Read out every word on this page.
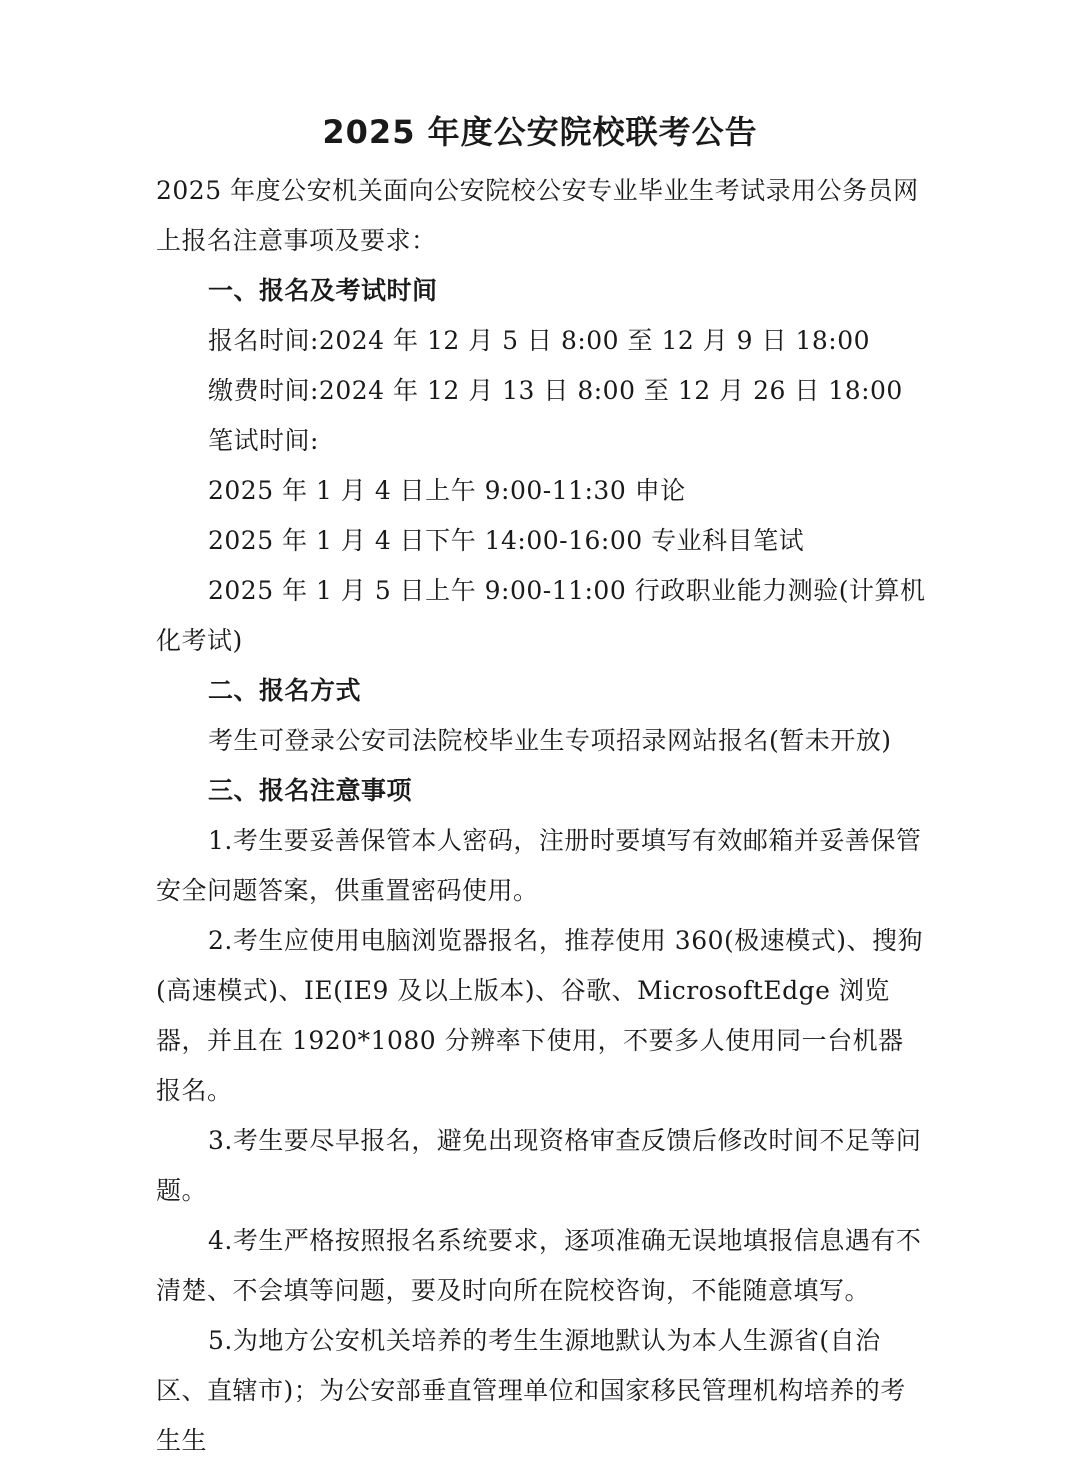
2025 年度公安院校联考公告

2025 年度公安机关面向公安院校公安专业毕业生考试录用公务员网上报名注意事项及要求：

一、报名及考试时间

报名时间:2024 年 12 月 5 日 8:00 至 12 月 9 日 18:00

缴费时间:2024 年 12 月 13 日 8:00 至 12 月 26 日 18:00

笔试时间:

2025 年 1 月 4 日上午 9:00-11:30 申论

2025 年 1 月 4 日下午 14:00-16:00 专业科目笔试

2025 年 1 月 5 日上午 9:00-11:00 行政职业能力测验(计算机化考试)

二、报名方式

考生可登录公安司法院校毕业生专项招录网站报名(暂未开放)

三、报名注意事项

1.考生要妥善保管本人密码，注册时要填写有效邮箱并妥善保管安全问题答案，供重置密码使用。

2.考生应使用电脑浏览器报名，推荐使用 360(极速模式)、搜狗(高速模式)、IE(IE9 及以上版本)、谷歌、MicrosoftEdge 浏览器，并且在 1920*1080 分辨率下使用，不要多人使用同一台机器报名。

3.考生要尽早报名，避免出现资格审查反馈后修改时间不足等问题。

4.考生严格按照报名系统要求，逐项准确无误地填报信息遇有不清楚、不会填等问题，要及时向所在院校咨询，不能随意填写。

5.为地方公安机关培养的考生生源地默认为本人生源省(自治区、直辖市)；为公安部垂直管理单位和国家移民管理机构培养的考生生
